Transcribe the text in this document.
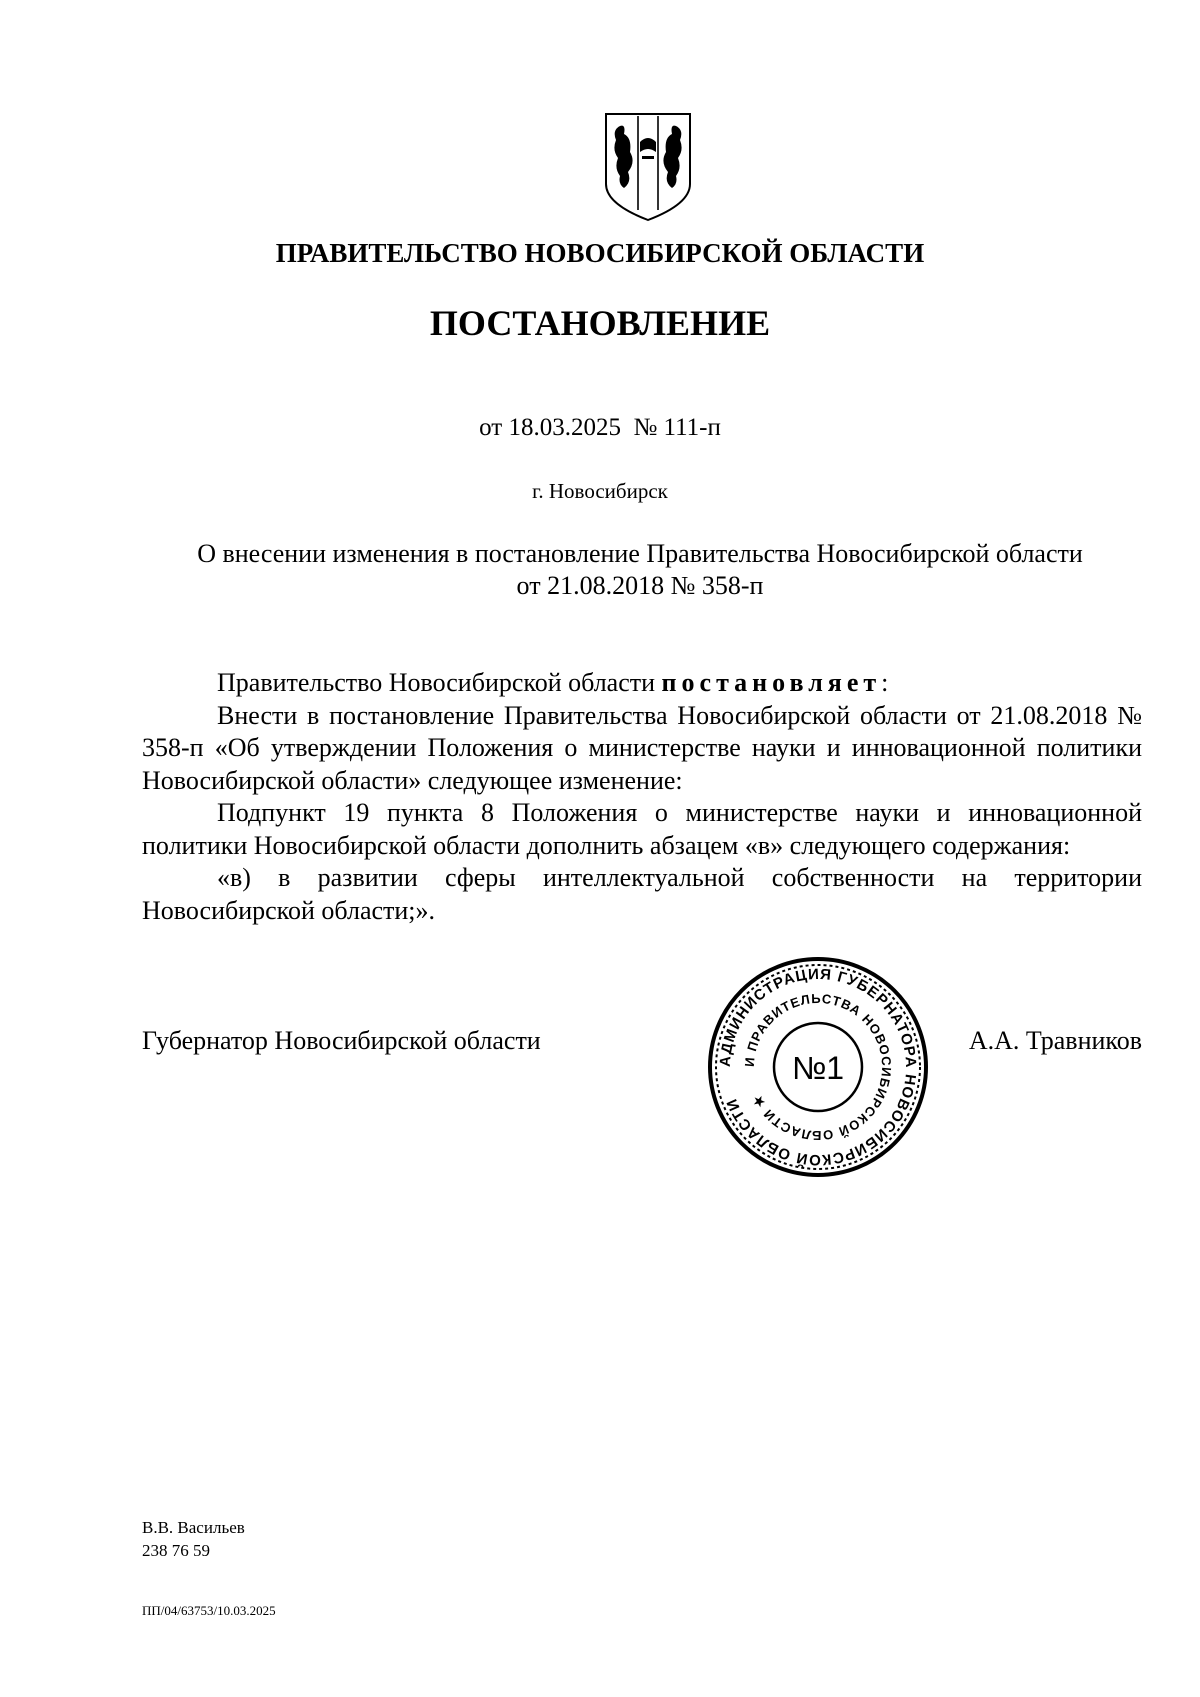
ПРАВИТЕЛЬСТВО НОВОСИБИРСКОЙ ОБЛАСТИ
ПОСТАНОВЛЕНИЕ
от 18.03.2025  № 111-п
г. Новосибирск
О внесении изменения в постановление Правительства Новосибирской области
от 21.08.2018 № 358-п

Правительство Новосибирской области постановляет:

Внести в постановление Правительства Новосибирской области от 21.08.2018 № 358-п «Об утверждении Положения о министерстве науки и инновационной политики Новосибирской области» следующее изменение:

Подпункт 19 пункта 8 Положения о министерстве науки и инновационной политики Новосибирской области дополнить абзацем «в» следующего содержания:

«в) в развитии сферы интеллектуальной собственности на территории Новосибирской области;».

Губернатор Новосибирской области	А.А. Травников
АДМИНИСТРАЦИЯ ГУБЕРНАТОРА НОВОСИБИРСКОЙ ОБЛАСТИ
И ПРАВИТЕЛЬСТВА НОВОСИБИРСКОЙ ОБЛАСТИ ★
№1
В.В. Васильев
238 76 59
ПП/04/63753/10.03.2025
